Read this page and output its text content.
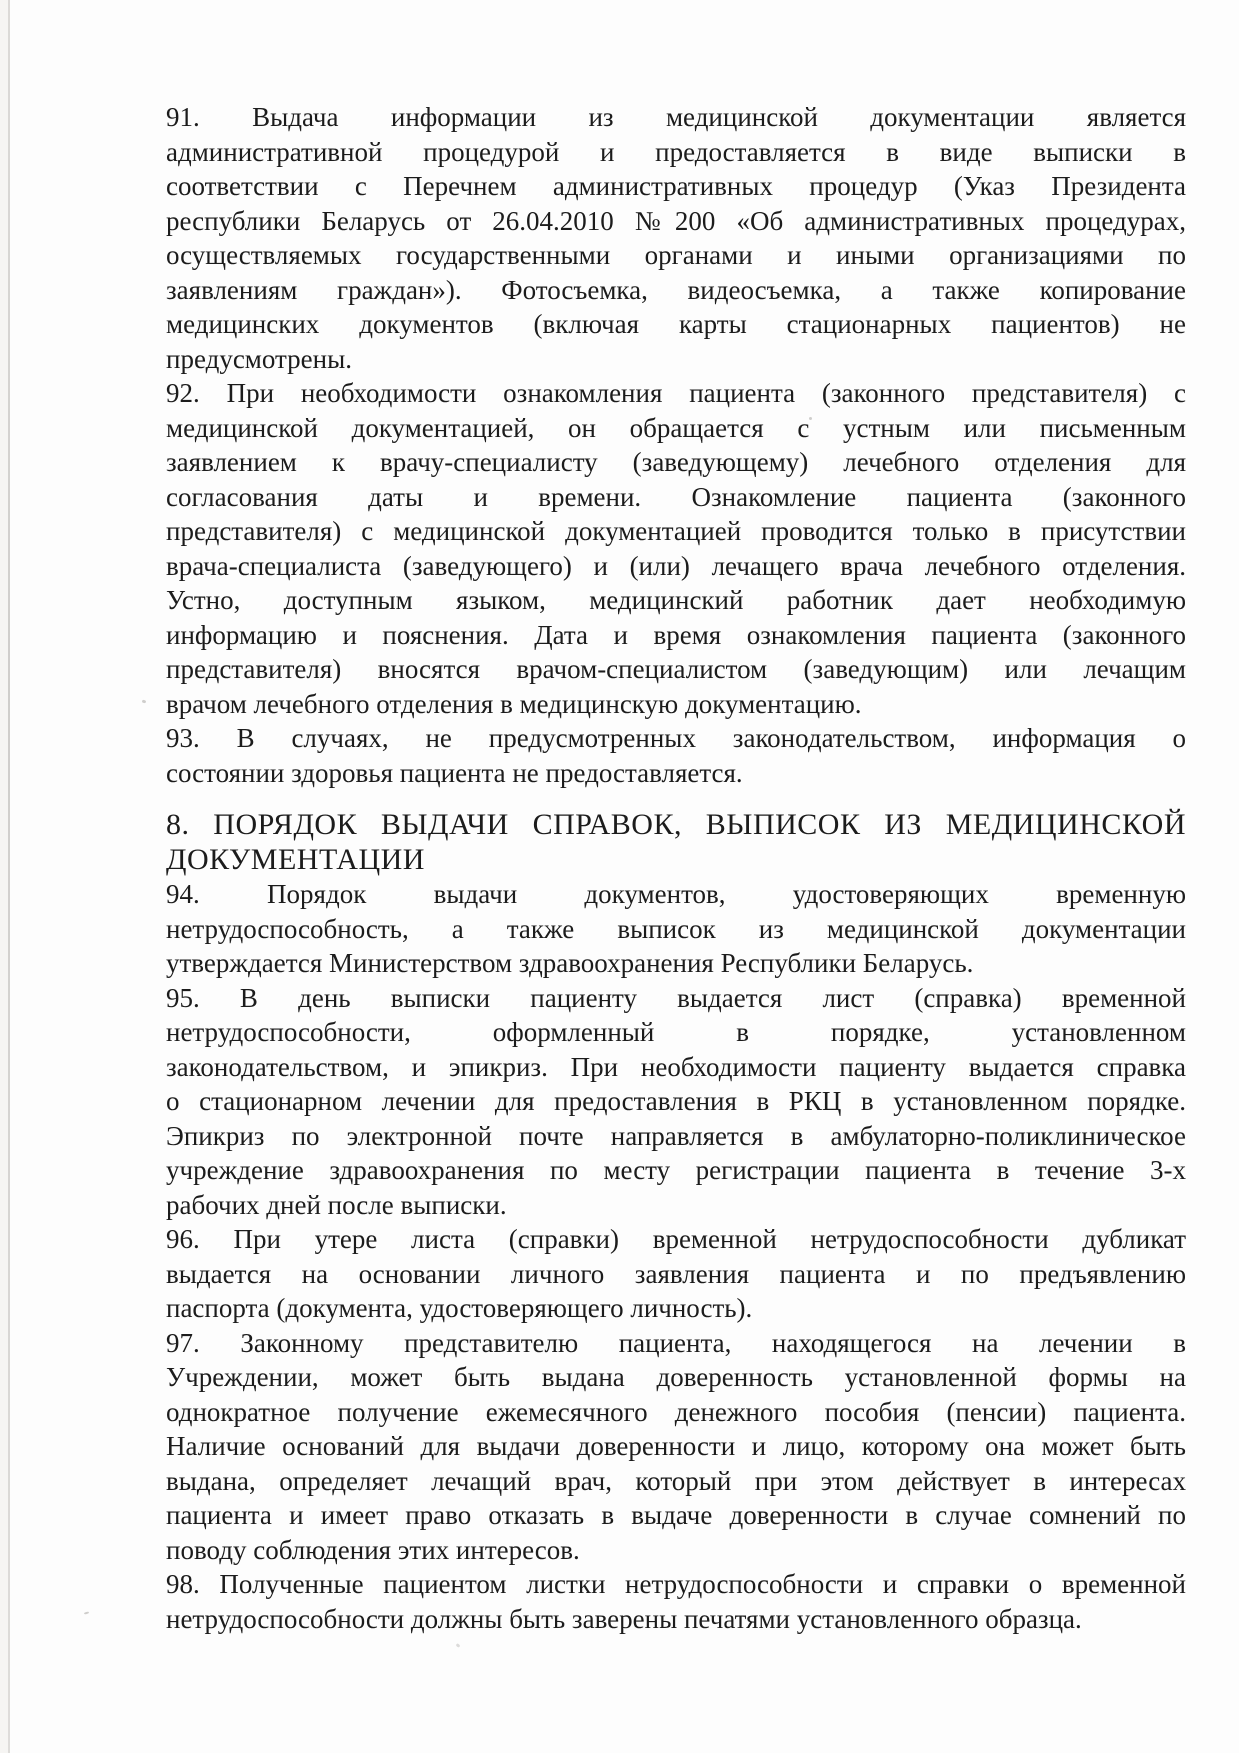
91. Выдача информации из медицинской документации является
административной процедурой и предоставляется в виде выписки в
соответствии с Перечнем административных процедур (Указ Президента
республики Беларусь от 26.04.2010 №200 «Об административных процедурах,
осуществляемых государственными органами и иными организациями по
заявлениям граждан»). Фотосъемка, видеосъемка, а также копирование
медицинских документов (включая карты стационарных пациентов) не
предусмотрены.
92. При необходимости ознакомления пациента (законного представителя) с
медицинской документацией, он обращается с устным или письменным
заявлением к врачу-специалисту (заведующему) лечебного отделения для
согласования даты и времени. Ознакомление пациента (законного
представителя) с медицинской документацией проводится только в присутствии
врача-специалиста (заведующего) и (или) лечащего врача лечебного отделения.
Устно, доступным языком, медицинский работник дает необходимую
информацию и пояснения. Дата и время ознакомления пациента (законного
представителя) вносятся врачом-специалистом (заведующим) или лечащим
врачом лечебного отделения в медицинскую документацию.
93. В случаях, не предусмотренных законодательством, информация о
состоянии здоровья пациента не предоставляется.
8. ПОРЯДОК ВЫДАЧИ СПРАВОК, ВЫПИСОК ИЗ МЕДИЦИНСКОЙ
ДОКУМЕНТАЦИИ
94. Порядок выдачи документов, удостоверяющих временную
нетрудоспособность, а также выписок из медицинской документации
утверждается Министерством здравоохранения Республики Беларусь.
95. В день выписки пациенту выдается лист (справка) временной
нетрудоспособности, оформленный в порядке, установленном
законодательством, и эпикриз. При необходимости пациенту выдается справка
о стационарном лечении для предоставления в РКЦ в установленном порядке.
Эпикриз по электронной почте направляется в амбулаторно-поликлиническое
учреждение здравоохранения по месту регистрации пациента в течение 3-х
рабочих дней после выписки.
96. При утере листа (справки) временной нетрудоспособности дубликат
выдается на основании личного заявления пациента и по предъявлению
паспорта (документа, удостоверяющего личность).
97. Законному представителю пациента, находящегося на лечении в
Учреждении, может быть выдана доверенность установленной формы на
однократное получение ежемесячного денежного пособия (пенсии) пациента.
Наличие оснований для выдачи доверенности и лицо, которому она может быть
выдана, определяет лечащий врач, который при этом действует в интересах
пациента и имеет право отказать в выдаче доверенности в случае сомнений по
поводу соблюдения этих интересов.
98. Полученные пациентом листки нетрудоспособности и справки о временной
нетрудоспособности должны быть заверены печатями установленного образца.
